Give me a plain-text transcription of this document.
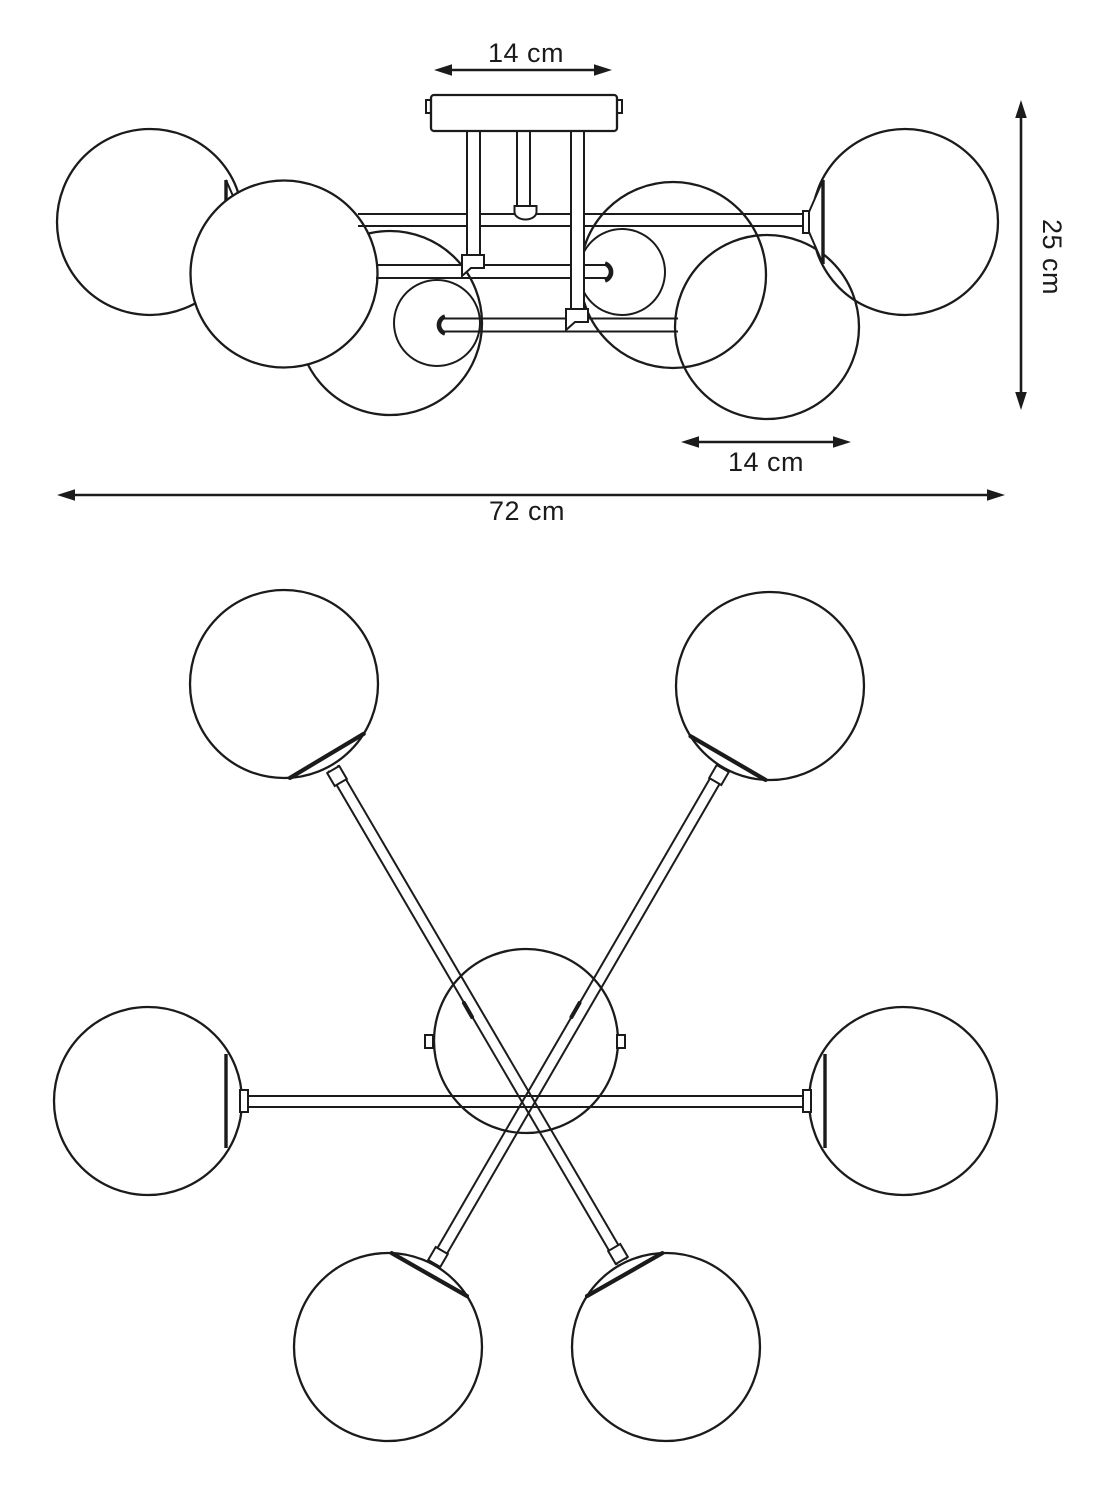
14 cm
25 cm
14 cm
72 cm
